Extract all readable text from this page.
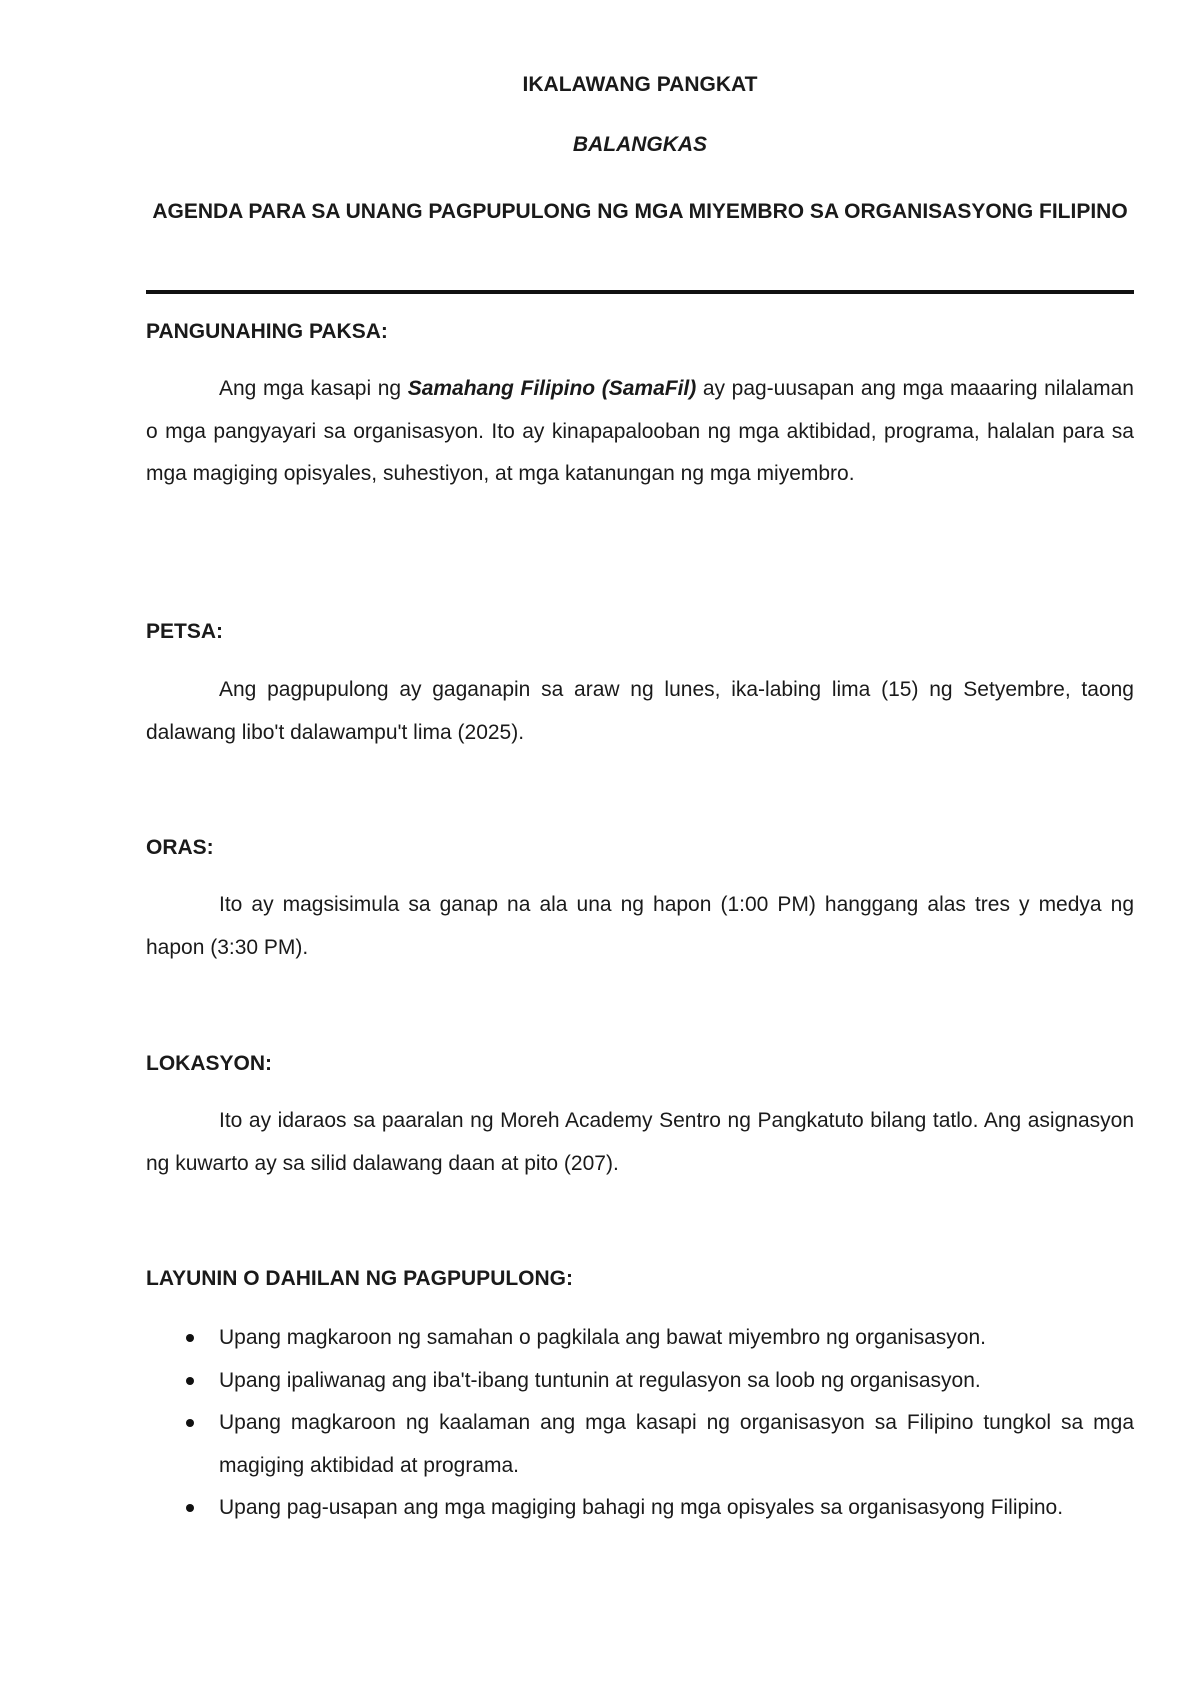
IKALAWANG PANGKAT
BALANGKAS
AGENDA PARA SA UNANG PAGPUPULONG NG MGA MIYEMBRO SA ORGANISASYONG FILIPINO
PANGUNAHING PAKSA:
Ang mga kasapi ng Samahang Filipino (SamaFil) ay pag-uusapan ang mga maaaring nilalaman o mga pangyayari sa organisasyon. Ito ay kinapapalooban ng mga aktibidad, programa, halalan para sa mga magiging opisyales, suhestiyon, at mga katanungan ng mga miyembro.
PETSA:
Ang pagpupulong ay gaganapin sa araw ng lunes, ika-labing lima (15) ng Setyembre, taong dalawang libo't dalawampu't lima (2025).
ORAS:
Ito ay magsisimula sa ganap na ala una ng hapon (1:00 PM) hanggang alas tres y medya ng hapon (3:30 PM).
LOKASYON:
Ito ay idaraos sa paaralan ng Moreh Academy Sentro ng Pangkatuto bilang tatlo. Ang asignasyon ng kuwarto ay sa silid dalawang daan at pito (207).
LAYUNIN O DAHILAN NG PAGPUPULONG:
Upang magkaroon ng samahan o pagkilala ang bawat miyembro ng organisasyon.
Upang ipaliwanag ang iba't-ibang tuntunin at regulasyon sa loob ng organisasyon.
Upang magkaroon ng kaalaman ang mga kasapi ng organisasyon sa Filipino tungkol sa mga magiging aktibidad at programa.
Upang pag-usapan ang mga magiging bahagi ng mga opisyales sa organisasyong Filipino.
